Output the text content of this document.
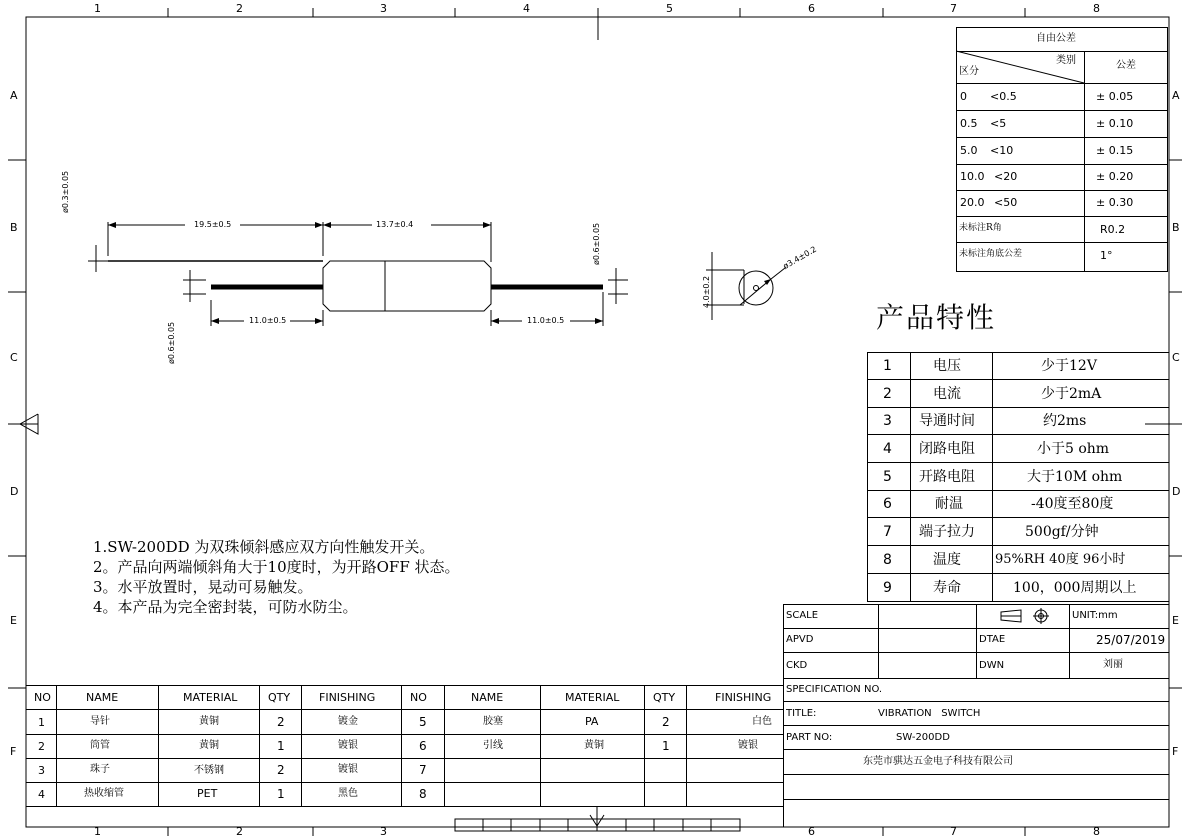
1	2	3	4	5	6	7	8
1	2	3	6	7	8
A
B
C
D
E
F
A
B
C
D
E
F
自由公差
类别
区分
公差
0 <0.5	± 0.05
0.5 <5	± 0.10
5.0 <10	± 0.15
10.0 <20	± 0.20
20.0 <50	± 0.30
未标注R角	R0.2
未标注角底公差	1°
19.5±0.5	13.7±0.4
11.0±0.5	11.0±0.5
ø0.3±0.05
ø0.6±0.05
ø0.6±0.05
4.0±0.2
ø3.4±0.2
产品特性
1	电压	少于12V
2	电流	少于2mA
3 导通时间	约2ms
4 闭路电阻	小于5 ohm
5 开路电阻	大于10M ohm
6	耐温	-40度至80度
7 端子拉力	500gf/分钟
8	温度	95%RH 40度 96小时
9	寿命	100，000周期以上
1.SW-200DD 为双珠倾斜感应双方向性触发开关。
2。产品向两端倾斜角大于10度时，为开路OFF 状态。
3。水平放置时，晃动可易触发。
4。本产品为完全密封装，可防水防尘。	SCALE	UNIT:mm
APVD	DTAE	25/07/2019
CKD	DWN	刘丽
SPECIFICATION NO.
TITLE:	VIBRATION   SWITCH
PART NO:	SW-200DD
东莞市骐达五金电子科技有限公司
NO	NAME	MATERIAL	QTY	FINISHING	NO	NAME	MATERIAL	QTY	FINISHING
1	导针	黄铜	2	镀金	5	胶塞	PA	2	白色
2	筒管	黄铜	1	镀银	6	引线	黄铜	1	镀银
3	珠子	不锈钢	2	镀银	7
4	热收缩管	PET	1	黑色	8
